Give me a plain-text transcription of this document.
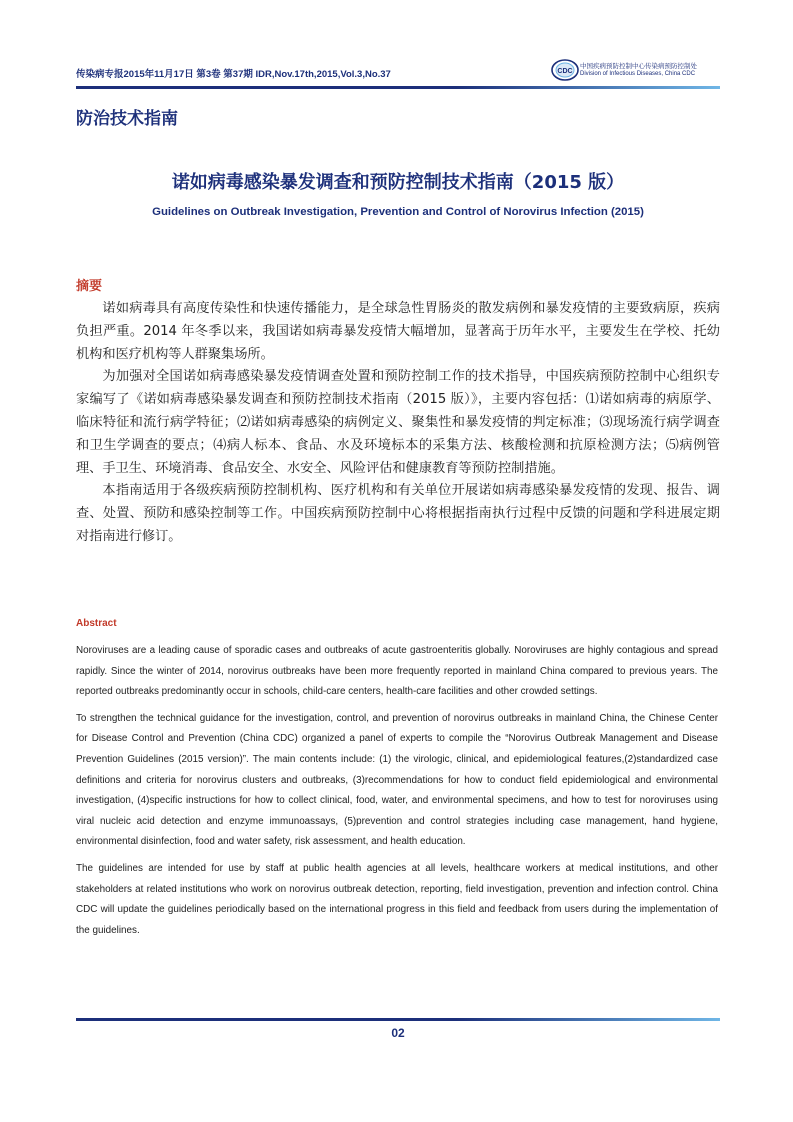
传染病专报2015年11月17日 第3卷 第37期 IDR,Nov.17th,2015,Vol.3,No.37	CDC
中国疾病预防控制中心传染病预防控制处
Division of Infectious Diseases, China CDC
防治技术指南
诺如病毒感染暴发调查和预防控制技术指南（2015 版）
Guidelines on Outbreak Investigation, Prevention and Control of Norovirus Infection (2015)
摘要

诺如病毒具有高度传染性和快速传播能力，是全球急性胃肠炎的散发病例和暴发疫情的主要致病原，疾病负担严重。2014 年冬季以来，我国诺如病毒暴发疫情大幅增加，显著高于历年水平，主要发生在学校、托幼机构和医疗机构等人群聚集场所。

为加强对全国诺如病毒感染暴发疫情调查处置和预防控制工作的技术指导，中国疾病预防控制中心组织专家编写了《诺如病毒感染暴发调查和预防控制技术指南（2015 版）》，主要内容包括：⑴诺如病毒的病原学、临床特征和流行病学特征；⑵诺如病毒感染的病例定义、聚集性和暴发疫情的判定标准；⑶现场流行病学调查和卫生学调查的要点；⑷病人标本、食品、水及环境标本的采集方法、核酸检测和抗原检测方法；⑸病例管理、手卫生、环境消毒、食品安全、水安全、风险评估和健康教育等预防控制措施。

本指南适用于各级疾病预防控制机构、医疗机构和有关单位开展诺如病毒感染暴发疫情的发现、报告、调查、处置、预防和感染控制等工作。中国疾病预防控制中心将根据指南执行过程中反馈的问题和学科进展定期对指南进行修订。

Abstract

Noroviruses are a leading cause of sporadic cases and outbreaks of acute gastroenteritis globally. Noroviruses are highly contagious and spread rapidly. Since the winter of 2014, norovirus outbreaks have been more frequently reported in mainland China compared to previous years. The reported outbreaks predominantly occur in schools, child-care centers, health-care facilities and other crowded settings.

To strengthen the technical guidance for the investigation, control, and prevention of norovirus outbreaks in mainland China, the Chinese Center for Disease Control and Prevention (China CDC) organized a panel of experts to compile the “Norovirus Outbreak Management and Disease Prevention Guidelines (2015 version)”. The main contents include: (1) the virologic, clinical, and epidemiological features,(2)standardized case definitions and criteria for norovirus clusters and outbreaks, (3)recommendations for how to conduct field epidemiological and environmental investigation, (4)specific instructions for how to collect clinical, food, water, and environmental specimens, and how to test for noroviruses using viral nucleic acid detection and enzyme immunoassays, (5)prevention and control strategies including case management, hand hygiene, environmental disinfection, food and water safety, risk assessment, and health education.

The guidelines are intended for use by staff at public health agencies at all levels, healthcare workers at medical institutions, and other stakeholders at related institutions who work on norovirus outbreak detection, reporting, field investigation, prevention and infection control. China CDC will update the guidelines periodically based on the international progress in this field and feedback from users during the implementation of the guidelines.

02
